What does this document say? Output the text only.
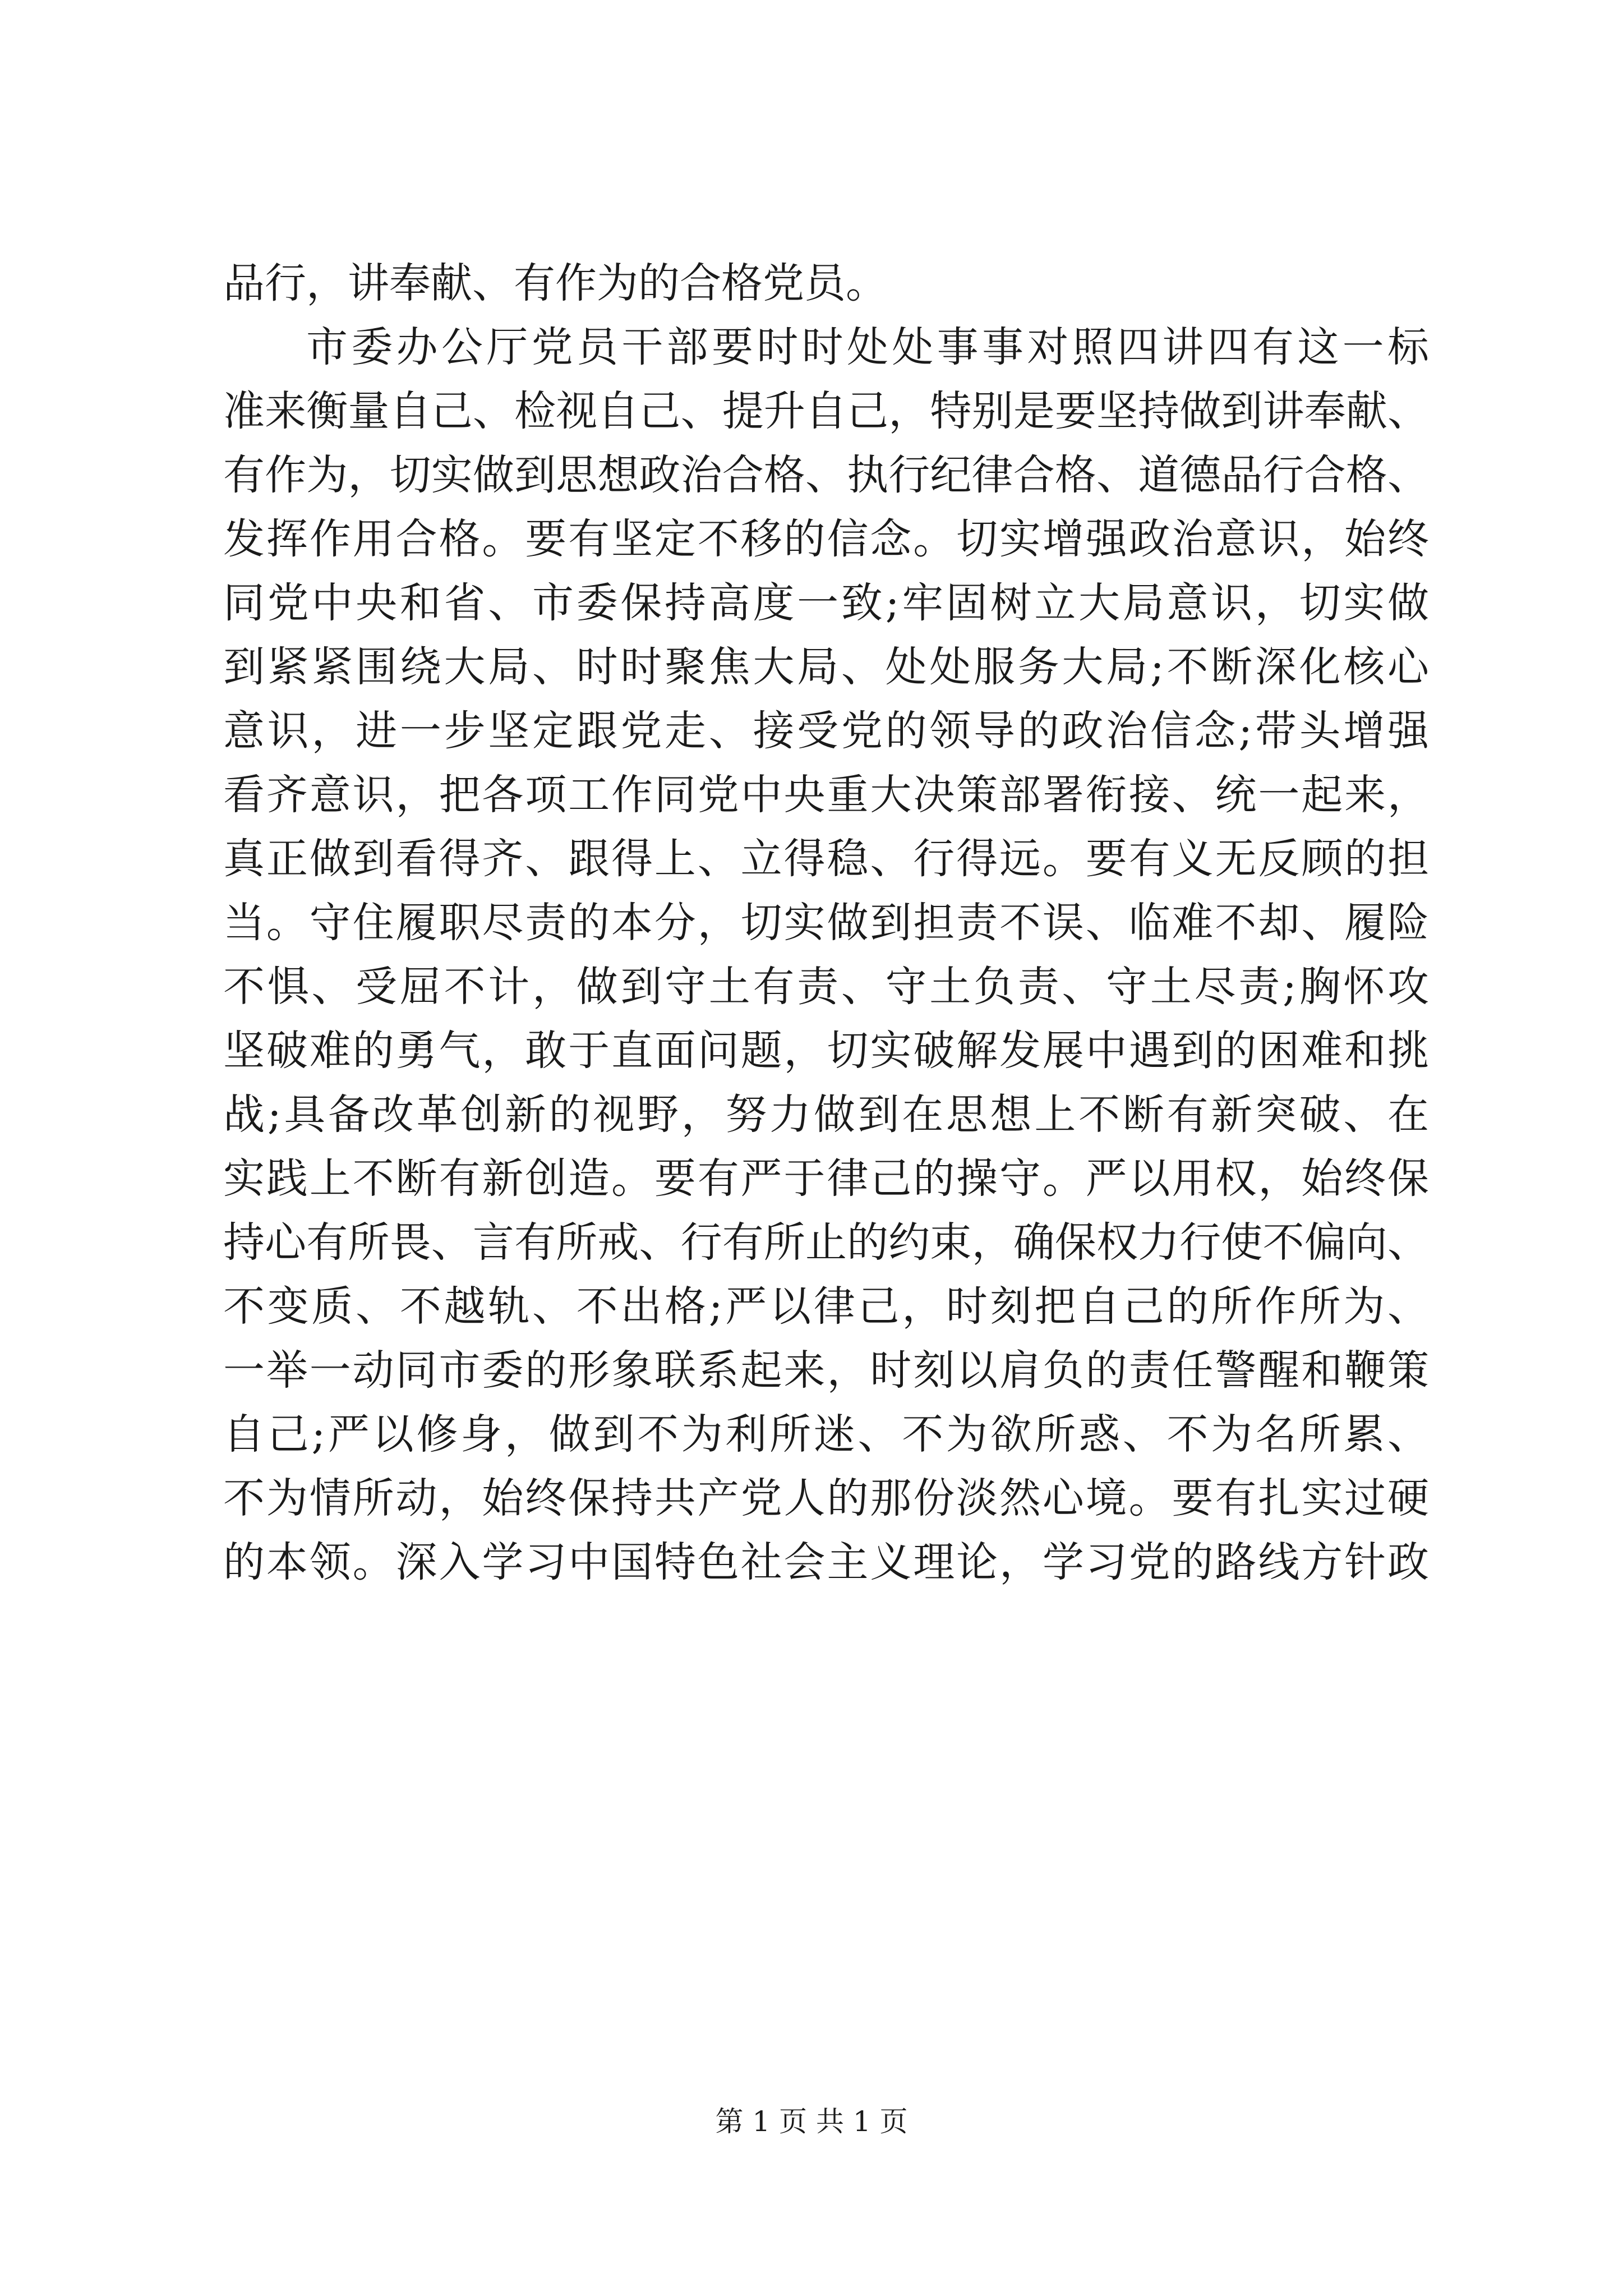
品行，讲奉献、有作为的合格党员。
市委办公厅党员干部要时时处处事事对照四讲四有这一标
准来衡量自己、检视自己、提升自己，特别是要坚持做到讲奉献、
有作为，切实做到思想政治合格、执行纪律合格、道德品行合格、
发挥作用合格。要有坚定不移的信念。切实增强政治意识，始终
同党中央和省、市委保持高度一致;牢固树立大局意识，切实做
到紧紧围绕大局、时时聚焦大局、处处服务大局;不断深化核心
意识，进一步坚定跟党走、接受党的领导的政治信念;带头增强
看齐意识，把各项工作同党中央重大决策部署衔接、统一起来，
真正做到看得齐、跟得上、立得稳、行得远。要有义无反顾的担
当。守住履职尽责的本分，切实做到担责不误、临难不却、履险
不惧、受屈不计，做到守土有责、守土负责、守土尽责;胸怀攻
坚破难的勇气，敢于直面问题，切实破解发展中遇到的困难和挑
战;具备改革创新的视野，努力做到在思想上不断有新突破、在
实践上不断有新创造。要有严于律己的操守。严以用权，始终保
持心有所畏、言有所戒、行有所止的约束，确保权力行使不偏向、
不变质、不越轨、不出格;严以律己，时刻把自己的所作所为、
一举一动同市委的形象联系起来，时刻以肩负的责任警醒和鞭策
自己;严以修身，做到不为利所迷、不为欲所惑、不为名所累、
不为情所动，始终保持共产党人的那份淡然心境。要有扎实过硬
的本领。深入学习中国特色社会主义理论，学习党的路线方针政
第 1 页 共 1 页
